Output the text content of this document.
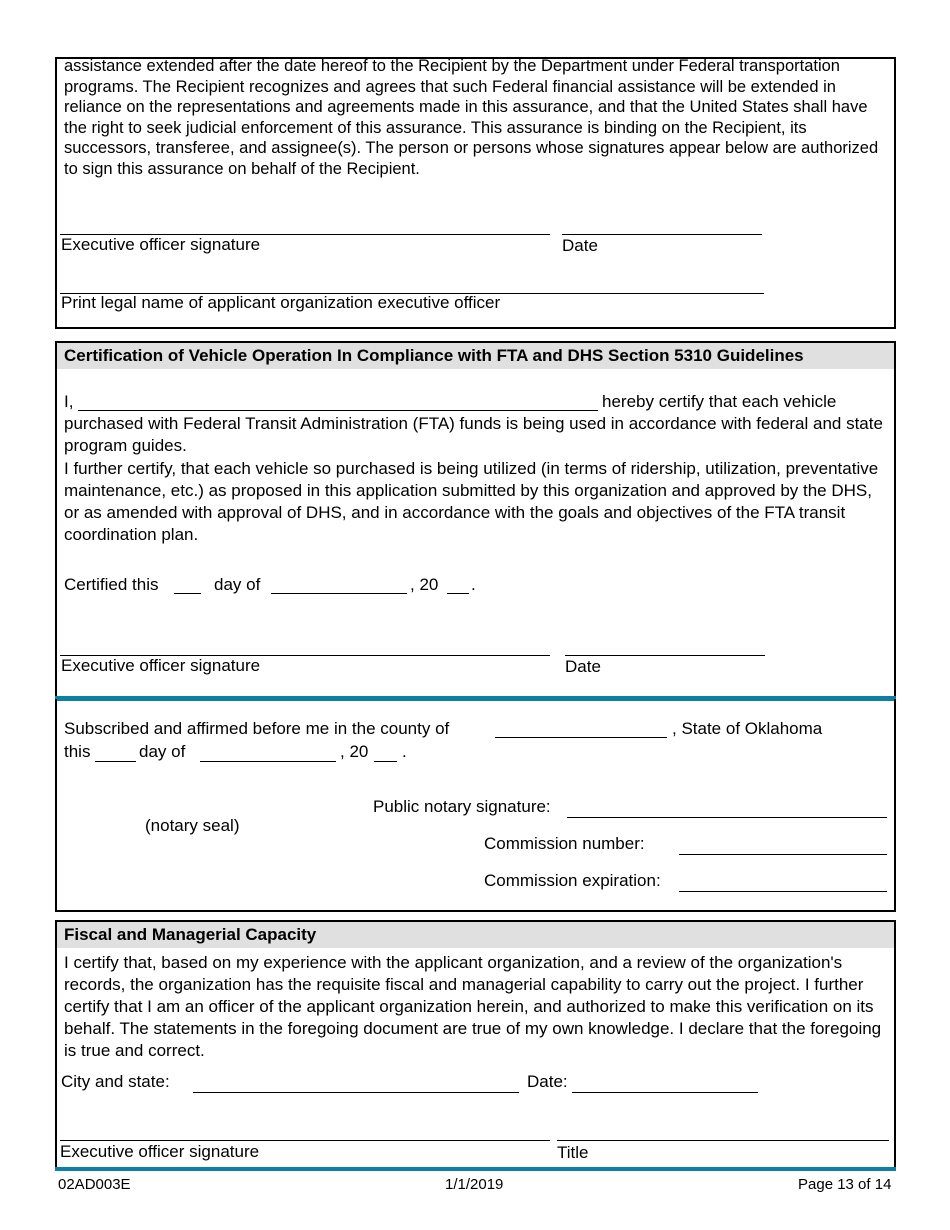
assistance extended after the date hereof to the Recipient by the Department under Federal transportation programs. The Recipient recognizes and agrees that such Federal financial assistance will be extended in reliance on the representations and agreements made in this assurance, and that the United States shall have the right to seek judicial enforcement of this assurance. This assurance is binding on the Recipient, its successors, transferee, and assignee(s). The person or persons whose signatures appear below are authorized to sign this assurance on behalf of the Recipient.
Executive officer signature	Date
Print legal name of applicant organization executive officer
Certification of Vehicle Operation In Compliance with FTA and DHS Section 5310 Guidelines
I,	hereby certify that each vehicle
purchased with Federal Transit Administration (FTA) funds is being used in accordance with federal and state program guides.
I further certify, that each vehicle so purchased is being utilized (in terms of ridership, utilization, preventative maintenance, etc.) as proposed in this application submitted by this organization and approved by the DHS, or as amended with approval of DHS, and in accordance with the goals and objectives of the FTA transit coordination plan.
Certified this	day of	, 20 .
Executive officer signature	Date
Subscribed and affirmed before me in the county of	, State of Oklahoma
this	day of	, 20 .
Public notary signature:
(notary seal)
Commission number:
Commission expiration:
Fiscal and Managerial Capacity
I certify that, based on my experience with the applicant organization, and a review of the organization's records, the organization has the requisite fiscal and managerial capability to carry out the project. I further certify that I am an officer of the applicant organization herein, and authorized to make this verification on its behalf. The statements in the foregoing document are true of my own knowledge. I declare that the foregoing is true and correct.
City and state:	Date:
Executive officer signature	Title
02AD003E	1/1/2019	Page 13 of 14
